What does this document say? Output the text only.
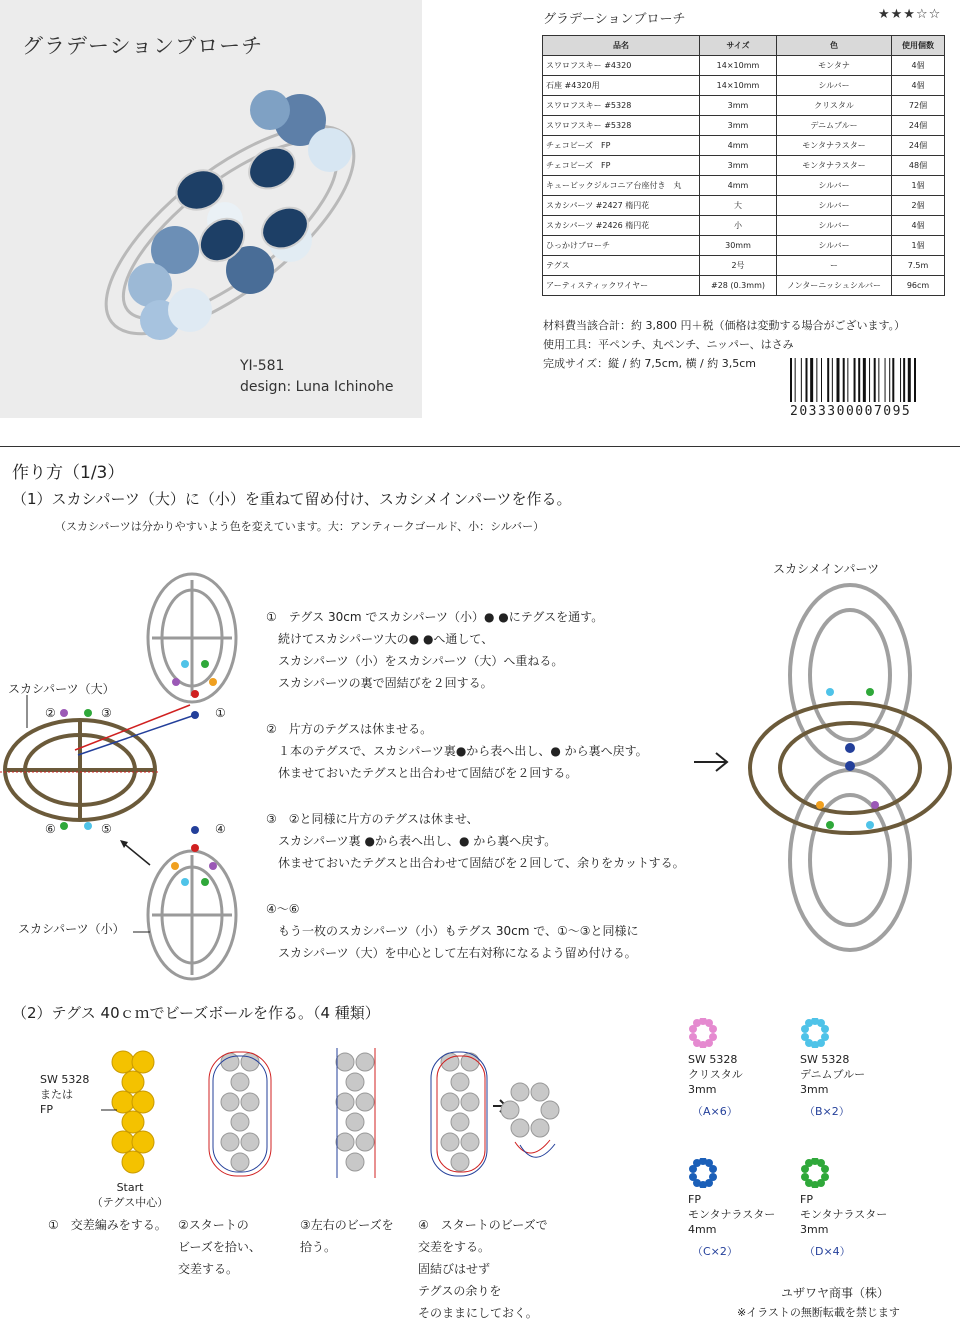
グラデーションブローチ
YI-581
design: Luna Ichinohe
グラデーションブローチ	★★★☆☆
品名	サイズ	色	使用個数
スワロフスキー #4320	14×10mm	モンタナ	4個
石座 #4320用	14×10mm	シルバー	4個
スワロフスキー #5328	3mm	クリスタル	72個
スワロフスキー #5328	3mm	デニムブルー	24個
チェコビーズ　FP	4mm	モンタナラスター	24個
チェコビーズ　FP	3mm	モンタナラスター	48個
キュービックジルコニア台座付き　丸	4mm	シルバー	1個
スカシパーツ #2427 楕円花	大	シルバー	2個
スカシパーツ #2426 楕円花	小	シルバー	4個
ひっかけブローチ	30mm	シルバー	1個
テグス	2号	ー	7.5m
アーティスティックワイヤー	#28 (0.3mm)	ノンターニッシュシルバー	96cm
材料費当該合計：約 3,800 円＋税（価格は変動する場合がございます。）
使用工具：平ペンチ、丸ペンチ、ニッパー、はさみ
完成サイズ：縦 / 約 7,5cm, 横 / 約 3,5cm
2033300007095
作り方（1/3）
（1）スカシパーツ（大）に（小）を重ねて留め付け、スカシメインパーツを作る。
（スカシパーツは分かりやすいよう色を変えています。大：アンティークゴールド、小：シルバー）
スカシパーツ（大）
スカシパーツ（小）
①
②	③
④
⑤
⑥
①　テグス 30cm でスカシパーツ（小）● ●にテグスを通す。
　続けてスカシパーツ大の● ●へ通して、
　スカシパーツ（小）をスカシパーツ（大）へ重ねる。
　スカシパーツの裏で固結びを２回する。
②　片方のテグスは休ませる。
　１本のテグスで、スカシパーツ裏●から表へ出し、● から裏へ戻す。
　休ませておいたテグスと出合わせて固結びを２回する。
③　②と同様に片方のテグスは休ませ、
　スカシパーツ裏 ●から表へ出し、● から裏へ戻す。
　休ませておいたテグスと出合わせて固結びを２回して、余りをカットする。
④〜⑥
　もう一枚のスカシパーツ（小）もテグス 30cm で、①〜③と同様に
　スカシパーツ（大）を中心として左右対称になるよう留め付ける。
スカシメインパーツ
（2）テグス 40ｃｍでビーズボールを作る。（4 種類）
SW 5328
または
FP
Start
（テグス中心）
①　交差編みをする。 ②スタートの
ビーズを拾い、
交差する。
③左右のビーズを
拾う。
④　スタートのビーズで
交差をする。
固結びはせず
テグスの余りを
そのままにしておく。
SW 5328
クリスタル
3mm
（A×6）
SW 5328
デニムブルー
3mm
（B×2）
FP
モンタナラスター
4mm
（C×2）
FP
モンタナラスター
3mm
（D×4）
ユザワヤ商事（株）
※イラストの無断転載を禁じます
